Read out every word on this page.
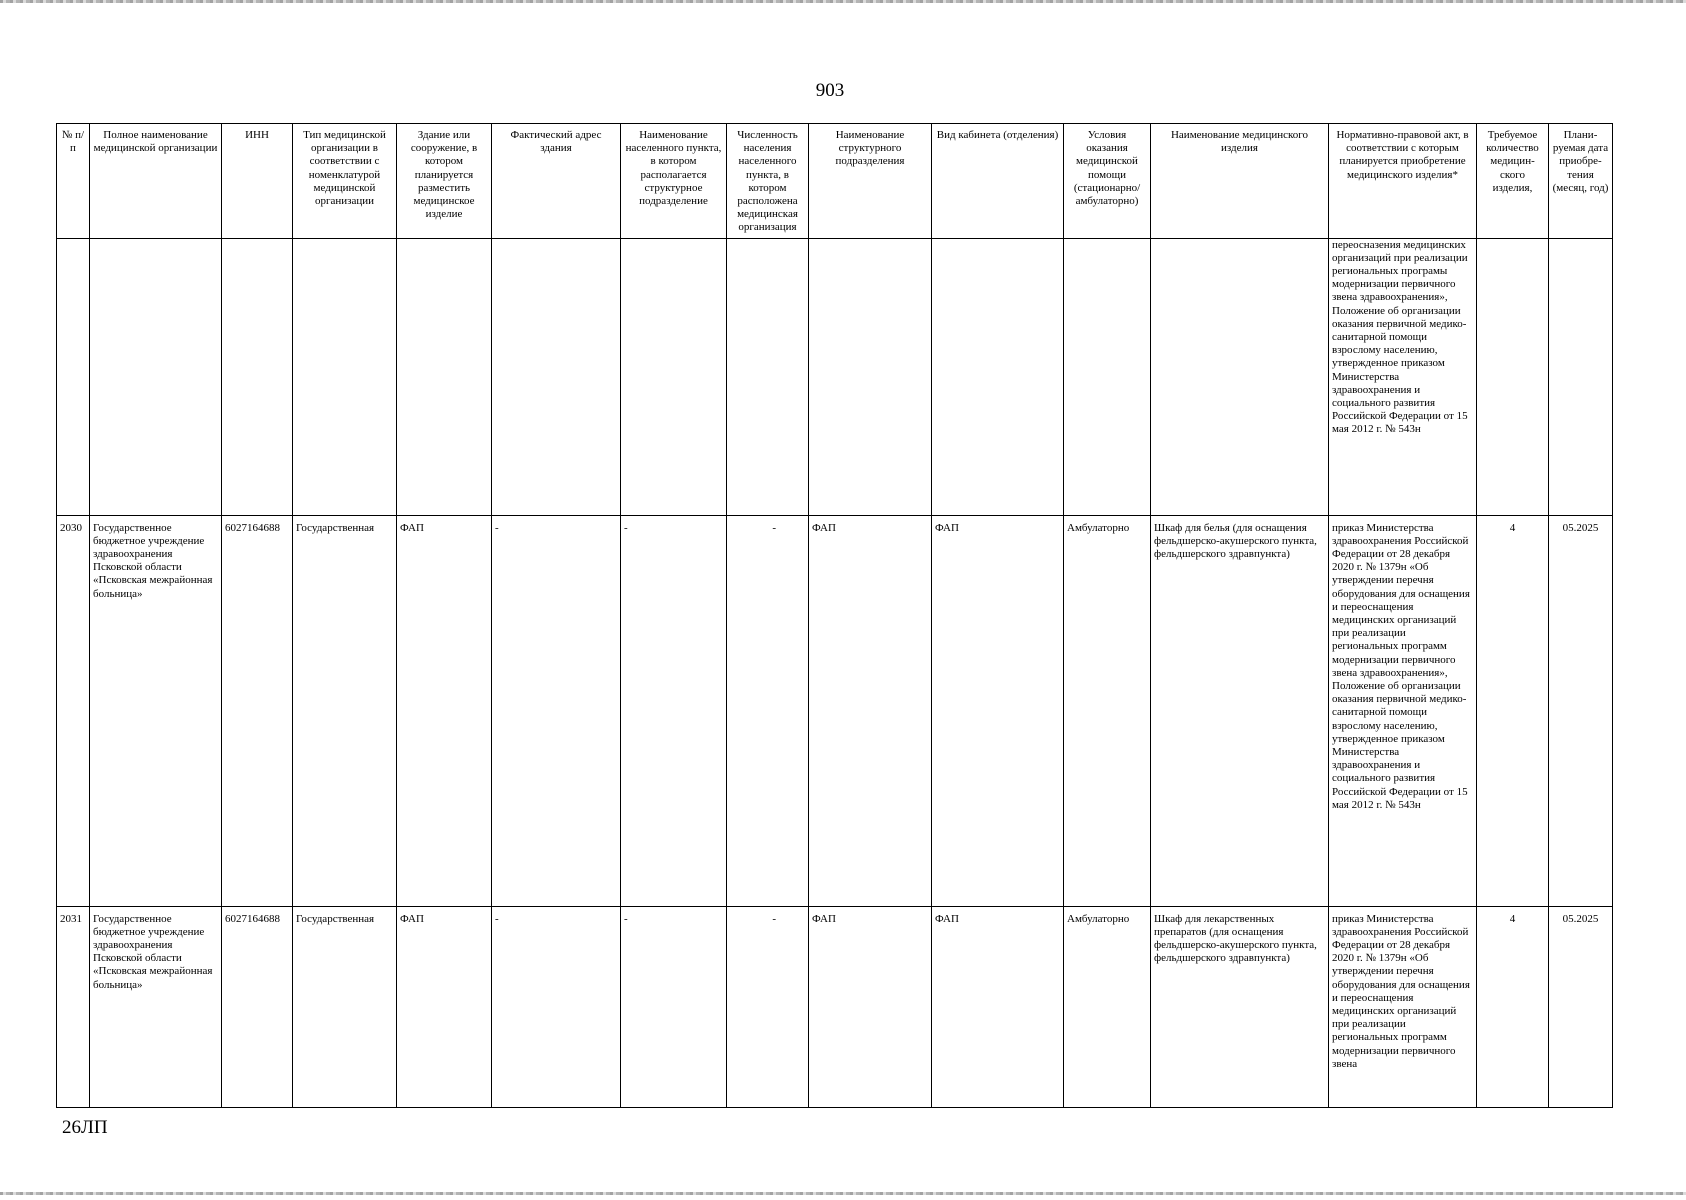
903
№ п/п	Полное наименование медицинской организации	ИНН	Тип медицинской организации в соответствии с номенклатурой медицинской организации	Здание или сооружение, в котором планируется разместить медицинское изделие	Фактический адрес здания	Наименование населенного пункта, в котором располагается структурное подразделение	Численность населения населенного пункта, в котором расположена медицинская организация	Наименование структурного подразделения	Вид кабинета (отделения)	Условия оказания медицинской помощи (стационарно/ амбулаторно)	Наименование медицинского изделия	Нормативно-правовой акт, в соответствии с которым планируется приобретение медицинского изделия*	Требуемое количество медицин-ского изделия,	Плани-руемая дата приобре-тения (месяц, год)
												переосназения медицинских организаций при реализации региональных програмы модернизации первичного звена здравоохранения», Положение об организации оказания первичной медико-санитарной помощи взрослому населению, утвержденное приказом Министерства здравоохранения и социального развития Российской Федерации от 15 мая 2012 г. № 543н		
2030	Государственное бюджетное учреждение здравоохранения Псковской области «Псковская межрайонная больница»	6027164688	Государственная	ФАП	-	-	-	ФАП	ФАП	Амбулаторно	Шкаф для белья (для оснащения фельдшерско-акушерского пункта, фельдшерского здравпункта)	приказ Министерства здравоохранения Российской Федерации от 28 декабря 2020 г. № 1379н «Об утверждении перечня оборудования для оснащения и переоснащения медицинских организаций при реализации региональных программ модернизации первичного звена здравоохранения», Положение об организации оказания первичной медико-санитарной помощи взрослому населению, утвержденное приказом Министерства здравоохранения и социального развития Российской Федерации от 15 мая 2012 г. № 543н	4	05.2025
2031	Государственное бюджетное учреждение здравоохранения Псковской области «Псковская межрайонная больница»	6027164688	Государственная	ФАП	-	-	-	ФАП	ФАП	Амбулаторно	Шкаф для лекарственных препаратов (для оснащения фельдшерско-акушерского пункта, фельдшерского здравпункта)	приказ Министерства здравоохранения Российской Федерации от 28 декабря 2020 г. № 1379н «Об утверждении перечня оборудования для оснащения и переоснащения медицинских организаций при реализации региональных программ модернизации первичного звена	4	05.2025
26ЛП
